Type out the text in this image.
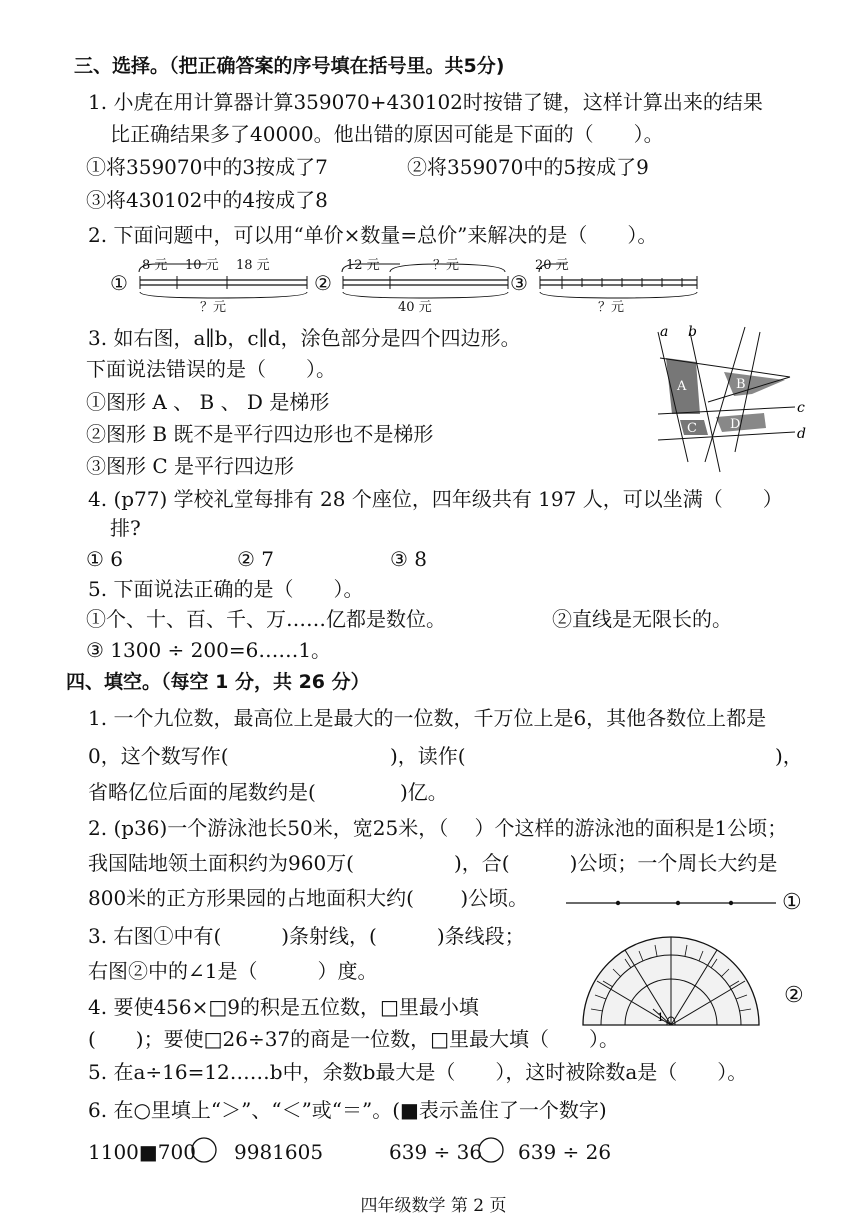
三、选择。（把正确答案的序号填在括号里。共5分)
1. 小虎在用计算器计算359070+430102时按错了键，这样计算出来的结果
比正确结果多了40000。他出错的原因可能是下面的（　　）。
①将359070中的3按成了7	②将359070中的5按成了9
③将430102中的4按成了8
2. 下面问题中，可以用“单价×数量=总价”来解决的是（　　）。
①
8 元 10 元 18 元
？元
②
12 元	？元
40 元
③
20 元
？元
3. 如右图，a∥b，c∥d，涂色部分是四个四边形。
下面说法错误的是（　　）。
①图形 A 、 B 、 D 是梯形
②图形 B 既不是平行四边形也不是梯形
③图形 C 是平行四边形
a b
c
d
A	B
C	D
4. (p77) 学校礼堂每排有 28 个座位，四年级共有 197 人，可以坐满（　　）
排?
① 6	② 7	③ 8
5. 下面说法正确的是（　　）。
①个、十、百、千、万……亿都是数位。	②直线是无限长的。
③ 1300 ÷ 200=6……1。
四、填空。（每空 1 分，共 26 分）
1. 一个九位数，最高位上是最大的一位数，千万位上是6，其他各数位上都是
0，这个数写作(	)，读作(	)，
省略亿位后面的尾数约是(	)亿。
2. (p36)一个游泳池长50米，宽25米，（　 ）个这样的游泳池的面积是1公顷；
我国陆地领土面积约为960万(　　　　　)，合(　　　)公顷；一个周长大约是
800米的正方形果园的占地面积大约(　　 )公顷。	①
3. 右图①中有(　　　)条射线，(　　　)条线段；
右图②中的∠1是（　　　）度。
1
②
4. 要使456×□9的积是五位数，□里最小填
(　　)；要使□26÷37的商是一位数，□里最大填（　　）。
5. 在a÷16=12……b中，余数b最大是（　　），这时被除数a是（　　）。
6. 在○里填上“＞”、“＜”或“＝”。(■表示盖住了一个数字)
1100■700 9981605	639 ÷ 36 639 ÷ 26
四年级数学 第 2 页
